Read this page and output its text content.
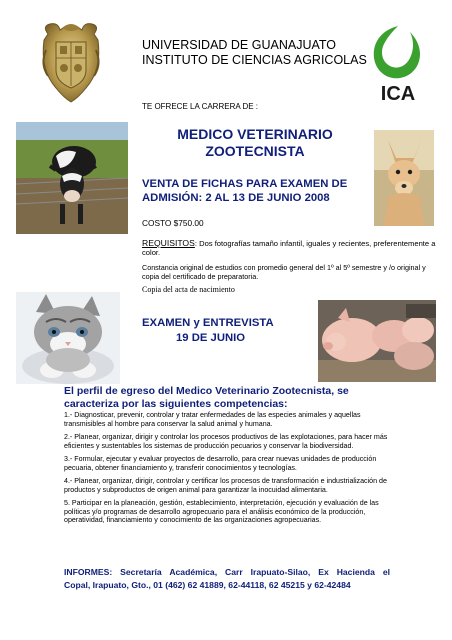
UNIVERSIDAD DE GUANAJUATO
INSTITUTO DE CIENCIAS AGRICOLAS
ICA
TE OFRECE LA CARRERA DE :
MEDICO VETERINARIO
ZOOTECNISTA
VENTA DE FICHAS PARA EXAMEN DE
ADMISIÓN: 2 AL 13 DE JUNIO 2008
COSTO $750.00
REQUISITOS: Dos fotografías tamaño infantil, iguales y recientes, preferentemente a color.
Constancia original de estudios con promedio general del 1º al 5º semestre y /o original y copia del certificado de preparatoria.
Copia del acta de nacimiento
EXAMEN y ENTREVISTA
19 DE JUNIO
El perfil de egreso del Medico Veterinario Zootecnista, se
caracteriza por las siguientes competencias:

1.- Diagnosticar, prevenir, controlar y tratar enfermedades de las especies animales y aquellas transmisibles al hombre para conservar la salud animal y humana.

2.- Planear, organizar, dirigir y controlar los procesos productivos de las explotaciones, para hacer más eficientes y sustentables los sistemas de producción pecuarios y conservar la biodiversidad.

3.- Formular, ejecutar y evaluar proyectos de desarrollo, para crear nuevas unidades de producción pecuaria, obtener financiamiento y, transferir conocimientos y tecnologías.

4.- Planear, organizar, dirigir, controlar y certificar los procesos de transformación e industrialización de productos y subproductos de origen animal para garantizar la inocuidad alimentaria.

5. Participar en la planeación, gestión, establecimiento, interpretación, ejecución y evaluación de las políticas y/o programas de desarrollo agropecuario para el análisis económico de la producción, operatividad, financiamiento y conocimiento de las organizaciones agropecuarias.

INFORMES: Secretaría Académica, Carr Irapuato-Silao, Ex Hacienda el
Copal, Irapuato, Gto., 01 (462) 62 41889, 62-44118, 62 45215 y 62-42484
